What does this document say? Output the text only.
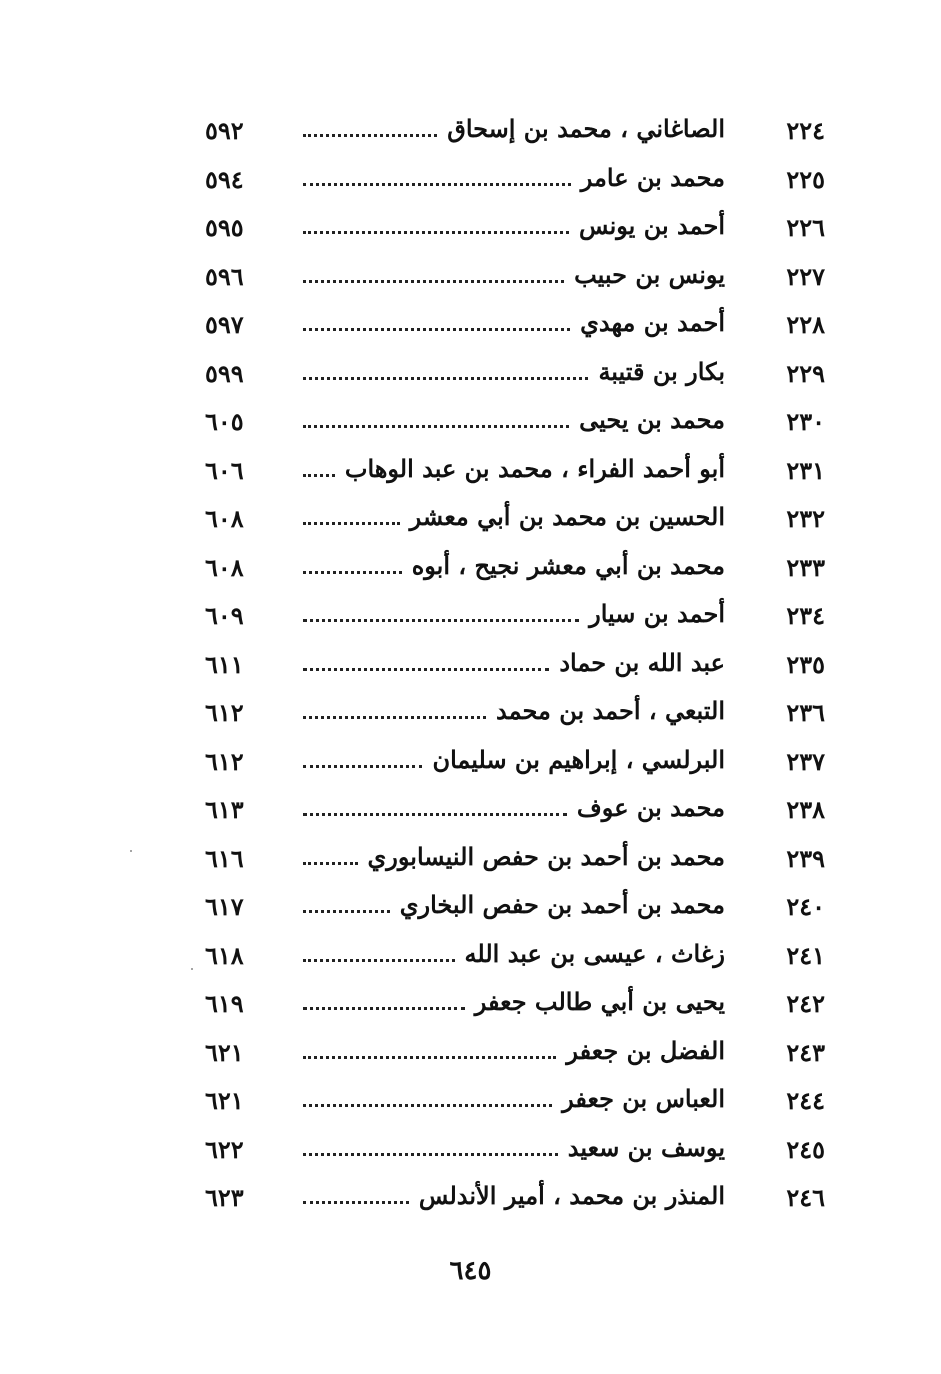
٢٢٤
الصاغاني ، محمد بن إسحاق
٥٩٢
٢٢٥
محمد بن عامر
٥٩٤
٢٢٦
أحمد بن يونس
٥٩٥
٢٢٧
يونس بن حبيب
٥٩٦
٢٢٨
أحمد بن مهدي
٥٩٧
٢٢٩
بكار بن قتيبة
٥٩٩
٢٣٠
محمد بن يحيى
٦٠٥
٢٣١
أبو أحمد الفراء ، محمد بن عبد الوهاب
٦٠٦
٢٣٢
الحسين بن محمد بن أبي معشر
٦٠٨
٢٣٣
محمد بن أبي معشر نجيح ، أبوه
٦٠٨
٢٣٤
أحمد بن سيار
٦٠٩
٢٣٥
عبد الله بن حماد
٦١١
٢٣٦
التبعي ، أحمد بن محمد
٦١٢
٢٣٧
البرلسي ، إبراهيم بن سليمان
٦١٢
٢٣٨
محمد بن عوف
٦١٣
٢٣٩
محمد بن أحمد بن حفص النيسابوري
٦١٦
٢٤٠
محمد بن أحمد بن حفص البخاري
٦١٧
٢٤١
زغاث ، عيسى بن عبد الله
٦١٨
٢٤٢
يحيى بن أبي طالب جعفر
٦١٩
٢٤٣
الفضل بن جعفر
٦٢١
٢٤٤
العباس بن جعفر
٦٢١
٢٤٥
يوسف بن سعيد
٦٢٢
٢٤٦
المنذر بن محمد ، أمير الأندلس
٦٢٣
٦٤٥
